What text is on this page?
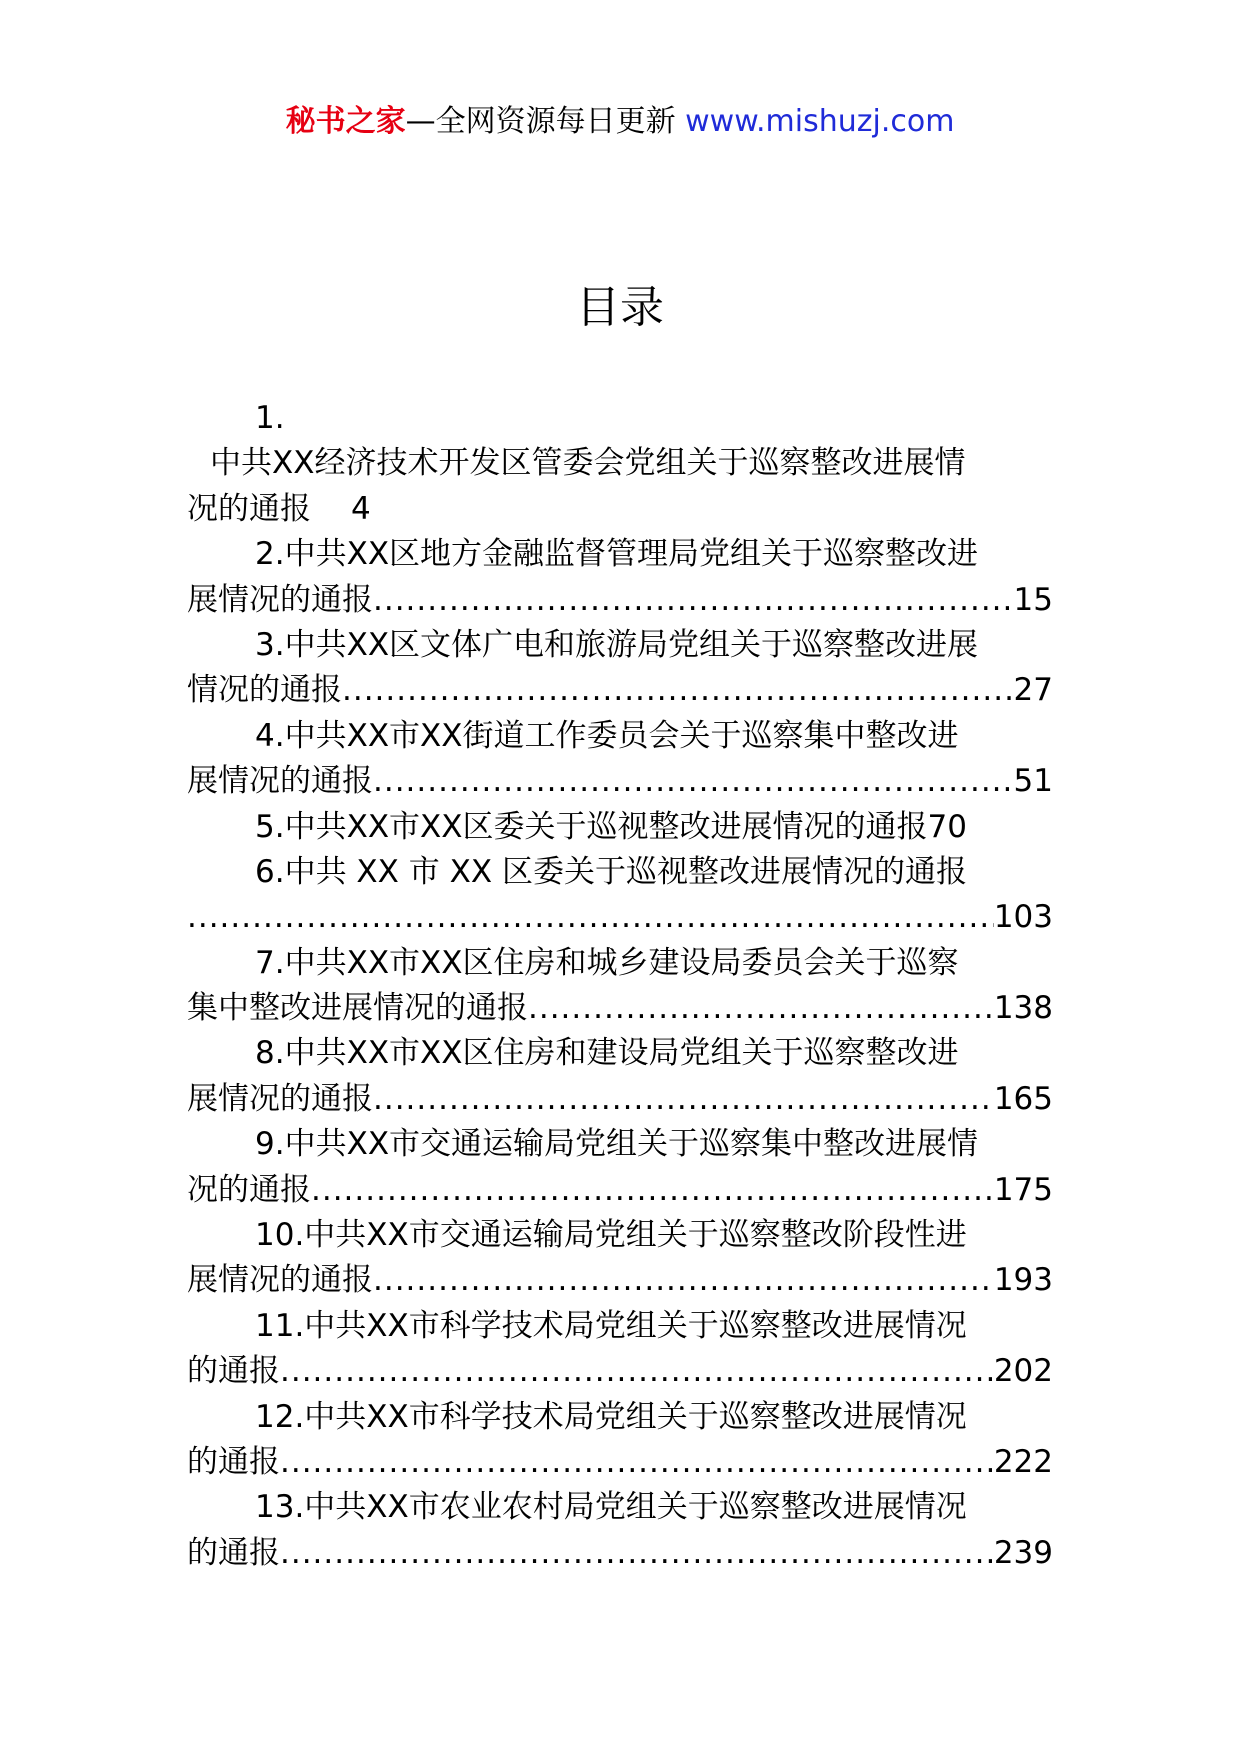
秘书之家—全网资源每日更新 www.mishuzj.com
目录
1.
中共XX经济技术开发区管委会党组关于巡察整改进展情
况的通报 4
2.中共XX区地方金融监督管理局党组关于巡察整改进
展情况的通报 .....	15
3.中共XX区文体广电和旅游局党组关于巡察整改进展
情况的通报 .....	27
4.中共XX市XX街道工作委员会关于巡察集中整改进
展情况的通报 .....	51
5.中共XX市XX区委关于巡视整改进展情况的通报70
6.中共 XX 市 XX 区委关于巡视整改进展情况的通报
.....
103
7.中共XX市XX区住房和城乡建设局委员会关于巡察
集中整改进展情况的通报 .....	138
8.中共XX市XX区住房和建设局党组关于巡察整改进
展情况的通报 .....	165
9.中共XX市交通运输局党组关于巡察集中整改进展情
况的通报 .....	175
10.中共XX市交通运输局党组关于巡察整改阶段性进
展情况的通报 .....	193
11.中共XX市科学技术局党组关于巡察整改进展情况
的通报 .....	202
12.中共XX市科学技术局党组关于巡察整改进展情况
的通报 .....	222
13.中共XX市农业农村局党组关于巡察整改进展情况
的通报 .....	239
